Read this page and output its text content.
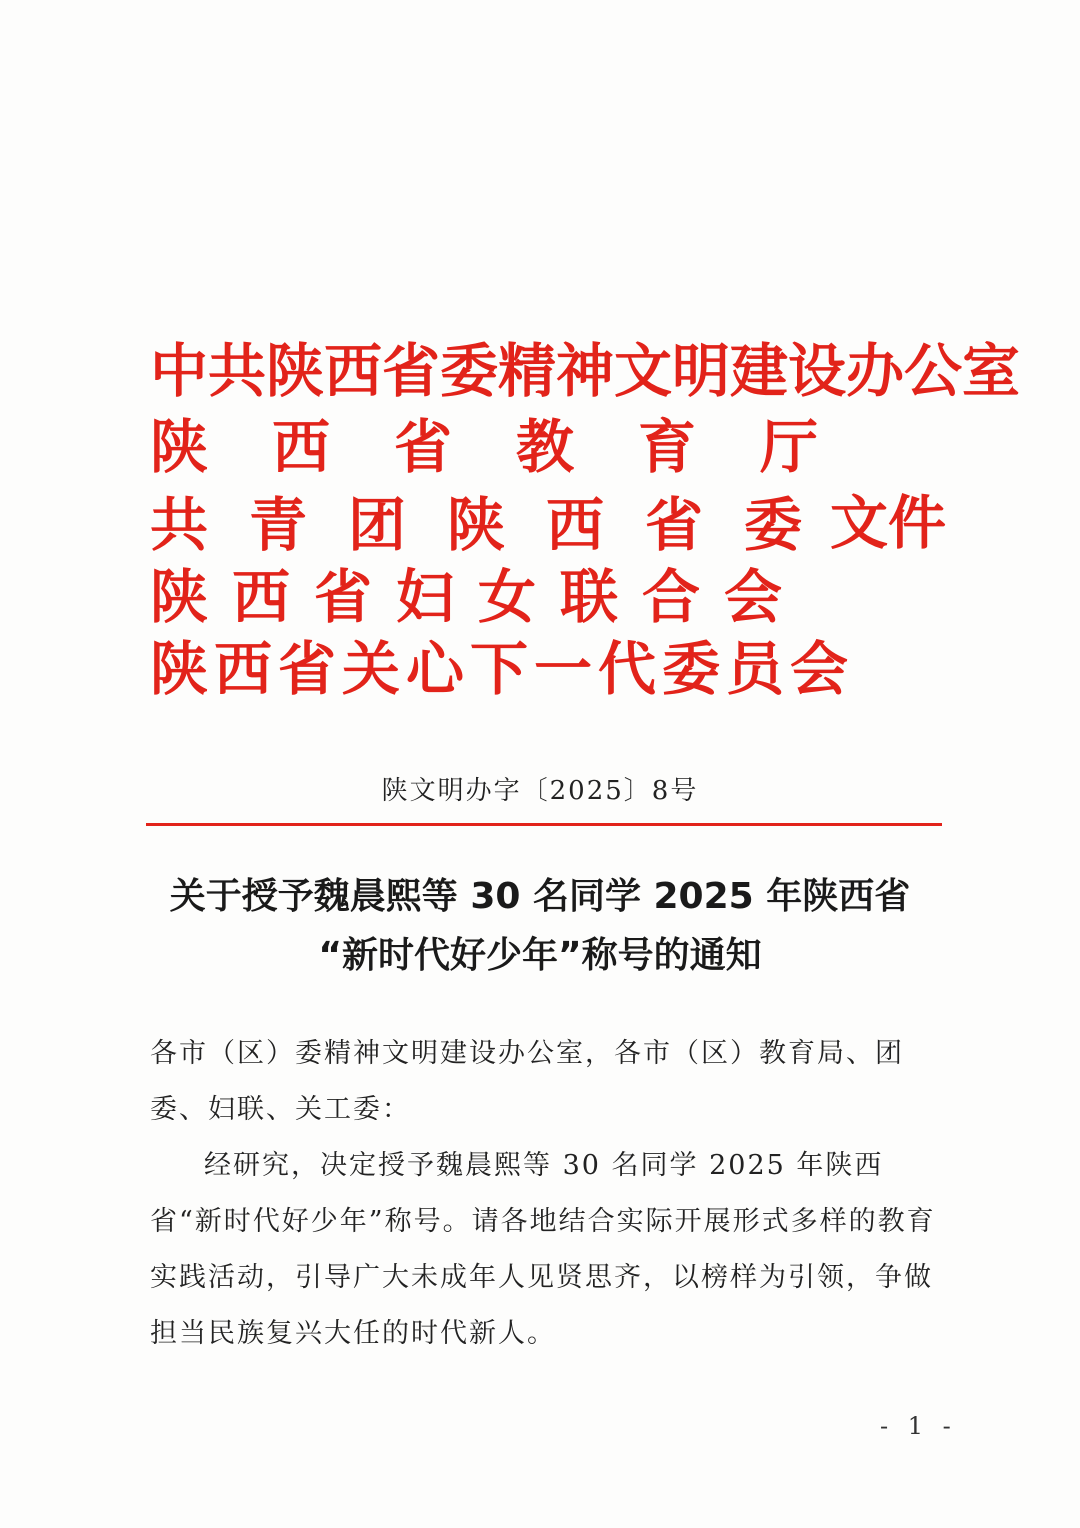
中共陕西省委精神文明建设办公室
陕西省教育厅
共青团陕西省委
文件
陕西省妇女联合会
陕西省关心下一代委员会
陕文明办字〔2025〕8号
关于授予魏晨熙等 30 名同学 2025 年陕西省
“新时代好少年”称号的通知
各市（区）委精神文明建设办公室，各市（区）教育局、团委、妇联、关工委：
经研究，决定授予魏晨熙等 30 名同学 2025 年陕西省“新时代好少年”称号。请各地结合实际开展形式多样的教育实践活动，引导广大未成年人见贤思齐，以榜样为引领，争做担当民族复兴大任的时代新人。
- 1 -
